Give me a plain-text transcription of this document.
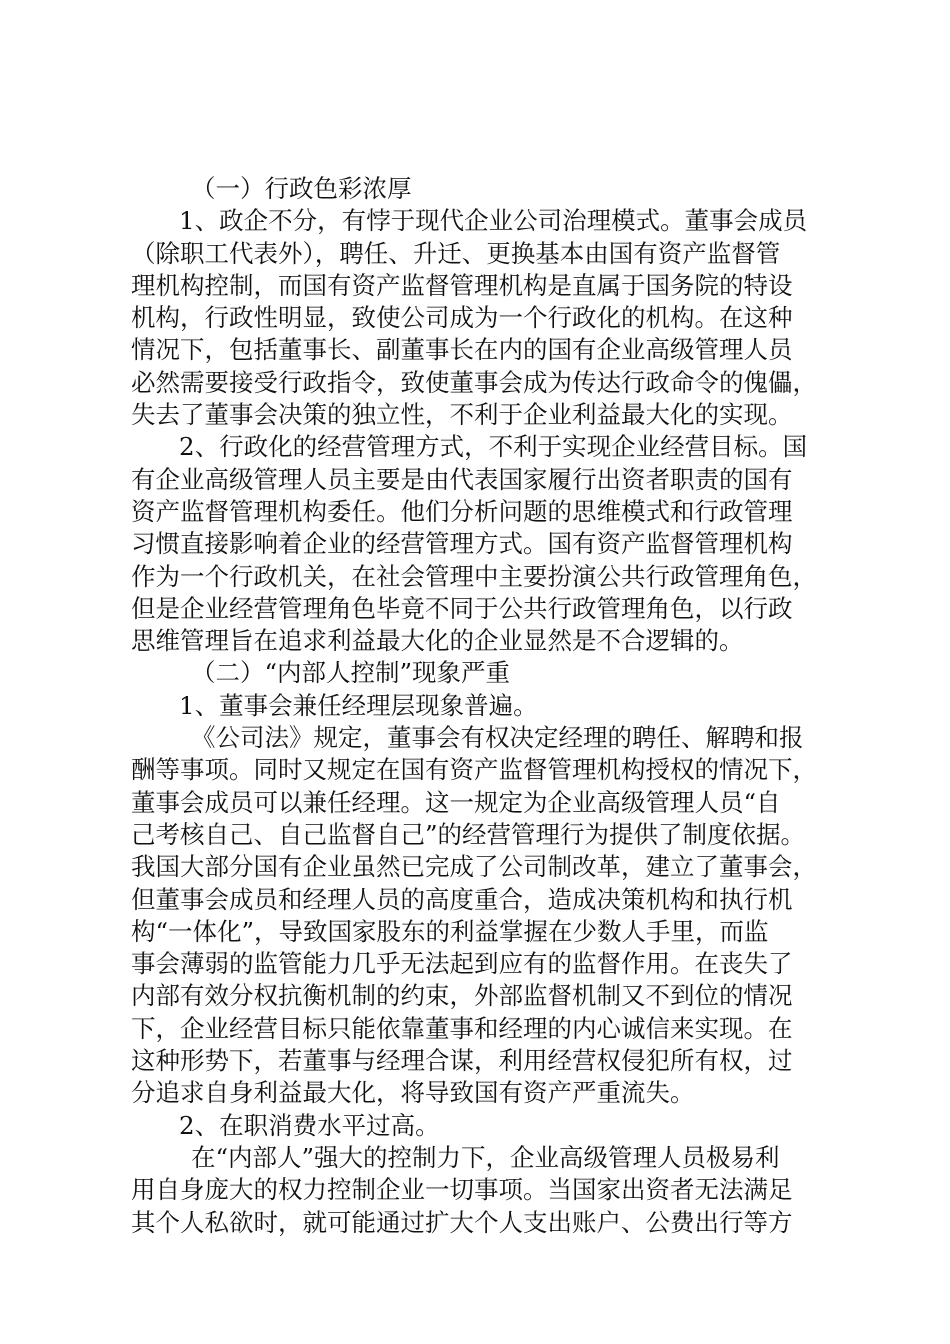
（一）行政色彩浓厚
1、政企不分，有悖于现代企业公司治理模式。董事会成员
（除职工代表外），聘任、升迁、更换基本由国有资产监督管
理机构控制，而国有资产监督管理机构是直属于国务院的特设
机构，行政性明显，致使公司成为一个行政化的机构。在这种
情况下，包括董事长、副董事长在内的国有企业高级管理人员
必然需要接受行政指令，致使董事会成为传达行政命令的傀儡，
失去了董事会决策的独立性，不利于企业利益最大化的实现。
2、行政化的经营管理方式，不利于实现企业经营目标。国
有企业高级管理人员主要是由代表国家履行出资者职责的国有
资产监督管理机构委任。他们分析问题的思维模式和行政管理
习惯直接影响着企业的经营管理方式。国有资产监督管理机构
作为一个行政机关，在社会管理中主要扮演公共行政管理角色，
但是企业经营管理角色毕竟不同于公共行政管理角色，以行政
思维管理旨在追求利益最大化的企业显然是不合逻辑的。
（二）“内部人控制”现象严重
1、董事会兼任经理层现象普遍。
《公司法》规定，董事会有权决定经理的聘任、解聘和报
酬等事项。同时又规定在国有资产监督管理机构授权的情况下，
董事会成员可以兼任经理。这一规定为企业高级管理人员“自
己考核自己、自己监督自己”的经营管理行为提供了制度依据。
我国大部分国有企业虽然已完成了公司制改革，建立了董事会，
但董事会成员和经理人员的高度重合，造成决策机构和执行机
构“一体化”，导致国家股东的利益掌握在少数人手里，而监
事会薄弱的监管能力几乎无法起到应有的监督作用。在丧失了
内部有效分权抗衡机制的约束，外部监督机制又不到位的情况
下，企业经营目标只能依靠董事和经理的内心诚信来实现。在
这种形势下，若董事与经理合谋，利用经营权侵犯所有权，过
分追求自身利益最大化，将导致国有资产严重流失。
2、在职消费水平过高。
在“内部人”强大的控制力下，企业高级管理人员极易利
用自身庞大的权力控制企业一切事项。当国家出资者无法满足
其个人私欲时，就可能通过扩大个人支出账户、公费出行等方
